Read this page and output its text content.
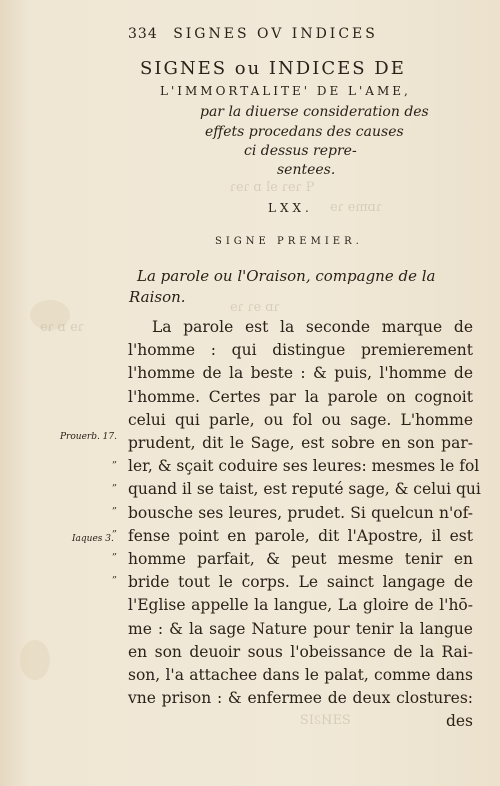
ꟼ ɿɘɿ ɘl ɒ ɿɘɿ
ɿɒmɘ ɿɘ
ɿɒ ɘɿ ɿɘ
ɿɘ ɒ ɿɘ
ƧƎИϨIƧ
334 SIGNES OV INDICES
SIGNES ou INDICES DE
L'IMMORTALITE' DE L'AME,
par la diuerse consideration des
effets procedans des causes
ci dessus repre-
sentees.
LXX.
SIGNE PREMIER.
La parole ou l'Oraison, compagne de la
Raison.
Prouerb. 17.
Iaques 3.
„
„
„
„
„
„
La parole est la seconde marque de
l'homme : qui distingue premierement
l'homme de la beste : & puis, l'homme de
l'homme. Certes par la parole on cognoit
celui qui parle, ou fol ou sage. L'homme
prudent, dit le Sage, est sobre en son par-
ler, & sçait coduire ses leures: mesmes le fol
quand il se taist, est reputé sage, & celui qui
bousche ses leures, prudet. Si quelcun n'of-
fense point en parole, dit l'Apostre, il est
homme parfait, & peut mesme tenir en
bride tout le corps. Le sainct langage de
l'Eglise appelle la langue, La gloire de l'hō-
me : & la sage Nature pour tenir la langue
en son deuoir sous l'obeissance de la Rai-
son, l'a attachee dans le palat, comme dans
vne prison : & enfermee de deux clostures:
des
